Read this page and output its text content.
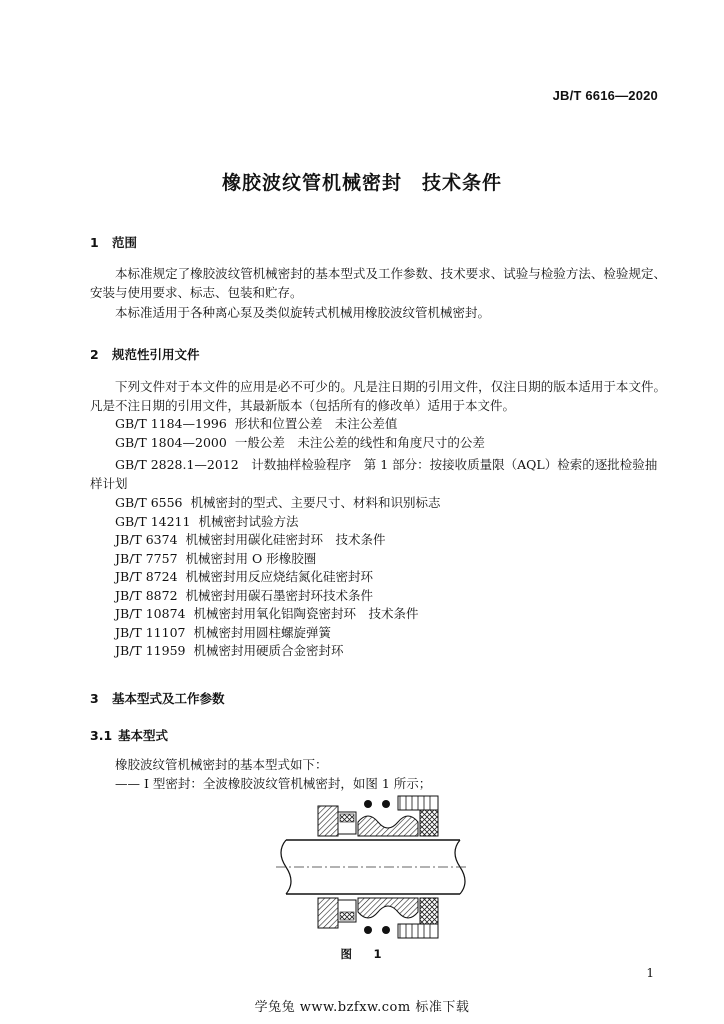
JB/T 6616—2020
橡胶波纹管机械密封　技术条件
1 范围
本标准规定了橡胶波纹管机械密封的基本型式及工作参数、技术要求、试验与检验方法、检验规定、安装与使用要求、标志、包装和贮存。
本标准适用于各种离心泵及类似旋转式机械用橡胶波纹管机械密封。
2 规范性引用文件
下列文件对于本文件的应用是必不可少的。凡是注日期的引用文件，仅注日期的版本适用于本文件。凡是不注日期的引用文件，其最新版本（包括所有的修改单）适用于本文件。
GB/T 1184—1996 形状和位置公差　未注公差值
GB/T 1804—2000 一般公差　未注公差的线性和角度尺寸的公差
GB/T 2828.1—2012　计数抽样检验程序　第 1 部分：按接收质量限（AQL）检索的逐批检验抽样计划
GB/T 6556 机械密封的型式、主要尺寸、材料和识别标志
GB/T 14211 机械密封试验方法
JB/T 6374 机械密封用碳化硅密封环　技术条件
JB/T 7757 机械密封用 O 形橡胶圈
JB/T 8724 机械密封用反应烧结氮化硅密封环
JB/T 8872 机械密封用碳石墨密封环技术条件
JB/T 10874 机械密封用氧化铝陶瓷密封环　技术条件
JB/T 11107 机械密封用圆柱螺旋弹簧
JB/T 11959 机械密封用硬质合金密封环
3 基本型式及工作参数
3.1 基本型式
橡胶波纹管机械密封的基本型式如下：
—— I 型密封：全波橡胶波纹管机械密封，如图 1 所示；
图　 1
1
学兔兔 www.bzfxw.com 标准下载
